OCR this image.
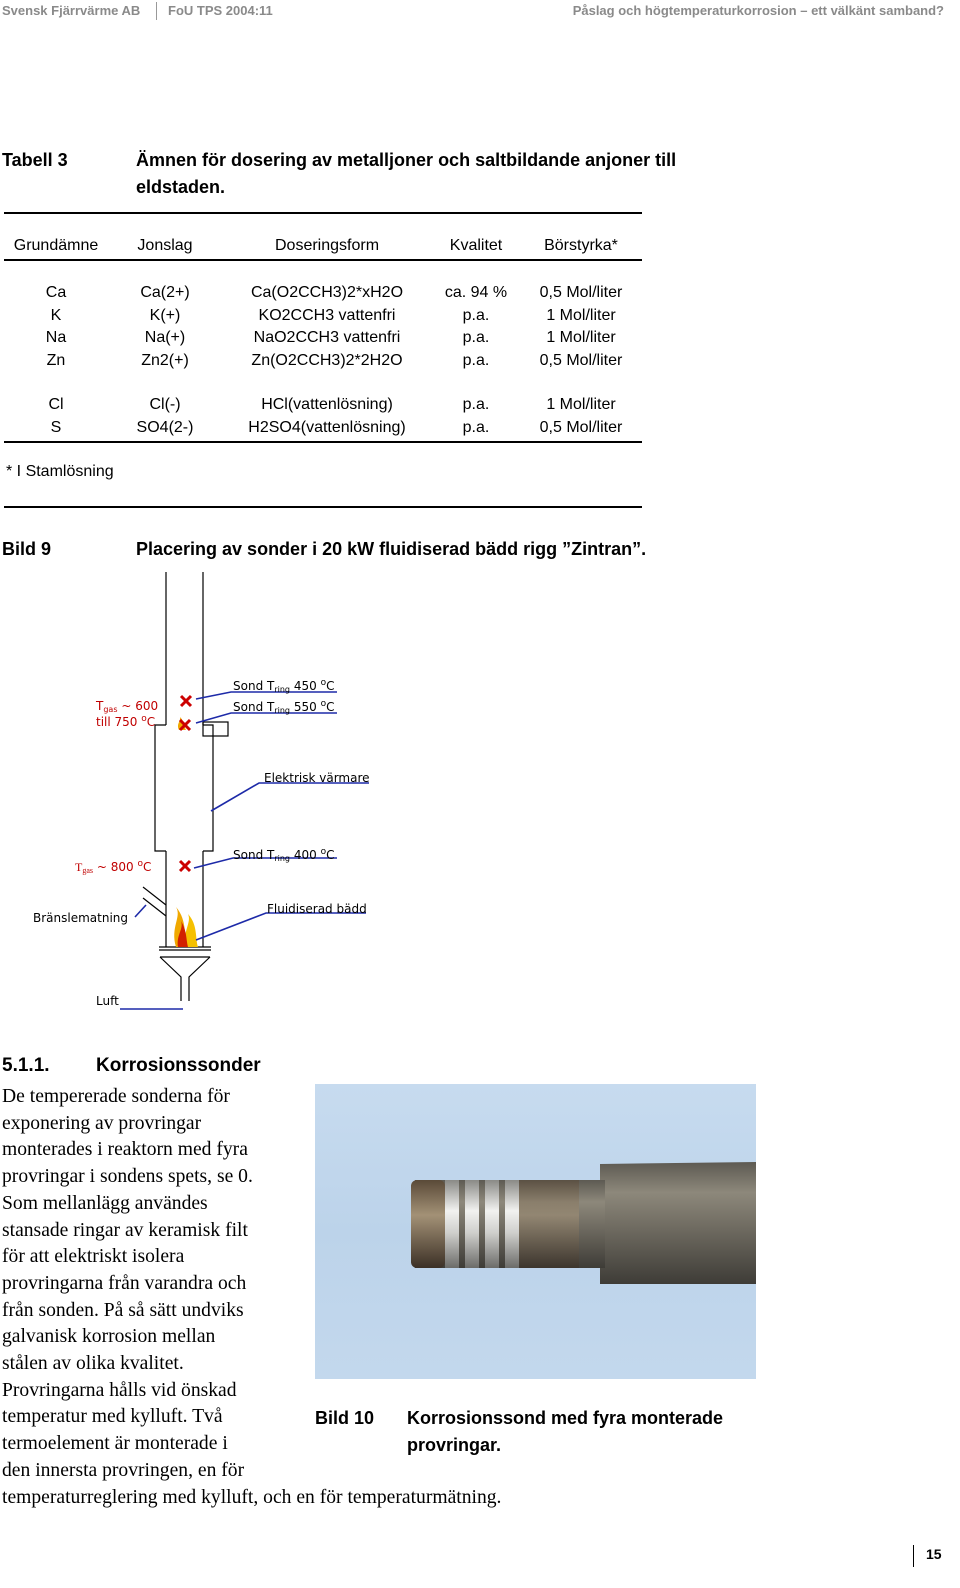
Svensk Fjärrvärme AB FoU TPS 2004:11	Påslag och högtemperaturkorrosion – ett välkänt samband?
Tabell 3	Ämnen för dosering av metalljoner och saltbildande anjoner till
eldstaden.
Grundämne	Jonslag	Doseringsform	Kvalitet	Börstyrka*
Ca	Ca(2+)	Ca(O2CCH3)2*xH2O	ca. 94 %	0,5 Mol/liter
K	K(+)	KO2CCH3 vattenfri	p.a.	1 Mol/liter
Na	Na(+)	NaO2CCH3 vattenfri	p.a.	1 Mol/liter
Zn	Zn2(+)	Zn(O2CCH3)2*2H2O	p.a.	0,5 Mol/liter
Cl	Cl(-)	HCl(vattenlösning)	p.a.	1 Mol/liter
S	SO4(2-)	H2SO4(vattenlösning)	p.a.	0,5 Mol/liter
* I Stamlösning
Bild 9	Placering av sonder i 20 kW fluidiserad bädd rigg ”Zintran”.
$T_{gas}$ ~ 600
till 750 $^o$C
Sond $T_{ring}$ 450 $^o$C
Sond $T_{ring}$ 550 $^o$C
Elektrisk värmare
$T_{gas}$ ~ 800 $^o$C
Sond $T_{ring}$ 400 $^o$C
Bränslematning
Fluidiserad bädd
Luft
5.1.1. Korrosionssonder
De tempererade sonderna för
exponering av provringar
monterades i reaktorn med fyra
provringar i sondens spets, se 0.
Som mellanlägg användes
stansade ringar av keramisk filt
för att elektriskt isolera
provringarna från varandra och
från sonden. På så sätt undviks
galvanisk korrosion mellan
stålen av olika kvalitet.
Provringarna hålls vid önskad
temperatur med kylluft. Två
termoelement är monterade i
den innersta provringen, en för
temperaturreglering med kylluft, och en för temperaturmätning.
Bild 10 Korrosionssond med fyra monterade
provringar.
15
